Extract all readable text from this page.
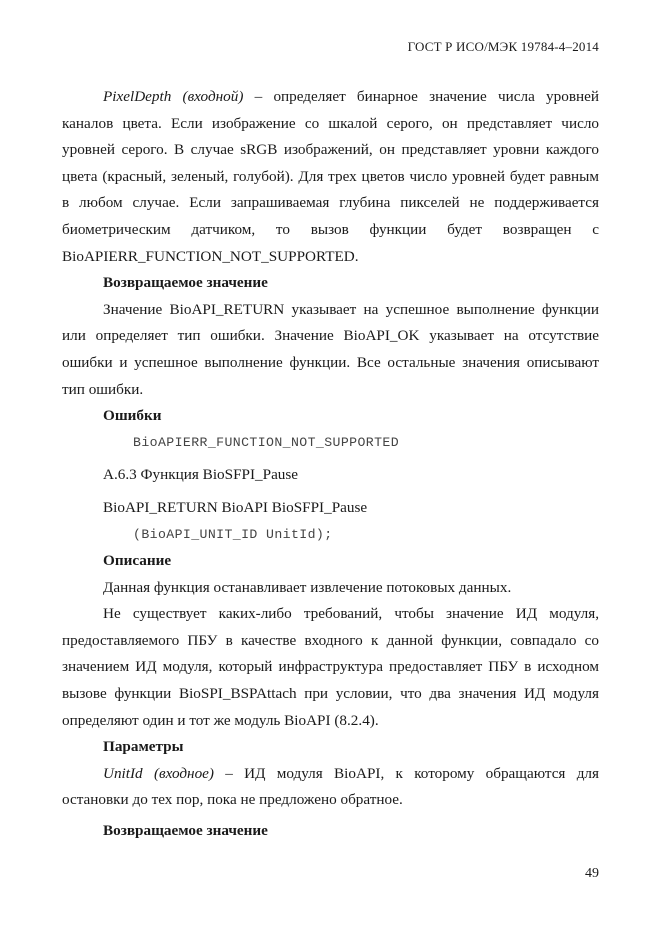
ГОСТ Р ИСО/МЭК 19784-4–2014

PixelDepth (входной) – определяет бинарное значение числа уровней каналов цвета. Если изображение со шкалой серого, он представляет число уровней серого. В случае sRGB изображений, он представляет уровни каждого цвета (красный, зеленый, голубой). Для трех цветов число уровней будет равным в любом случае. Если запрашиваемая глубина пикселей не поддерживается биометрическим датчиком, то вызов функции будет возвращен с BioAPIERR_FUNCTION_NOT_SUPPORTED.

Возвращаемое значение

Значение BioAPI_RETURN указывает на успешное выполнение функции или определяет тип ошибки. Значение BioAPI_OK указывает на отсутствие ошибки и успешное выполнение функции. Все остальные значения описывают тип ошибки.

Ошибки

BioAPIERR_FUNCTION_NOT_SUPPORTED

A.6.3 Функция BioSFPI_Pause

BioAPI_RETURN BioAPI BioSFPI_Pause

(BioAPI_UNIT_ID UnitId);

Описание

Данная функция останавливает извлечение потоковых данных.

Не существует каких-либо требований, чтобы значение ИД модуля, предоставляемого ПБУ в качестве входного к данной функции, совпадало со значением ИД модуля, который инфраструктура предоставляет ПБУ в исходном вызове функции BioSPI_BSPAttach при условии, что два значения ИД модуля определяют один и тот же модуль BioAPI (8.2.4).

Параметры

UnitId (входное) – ИД модуля BioAPI, к которому обращаются для остановки до тех пор, пока не предложено обратное.

Возвращаемое значение

49
